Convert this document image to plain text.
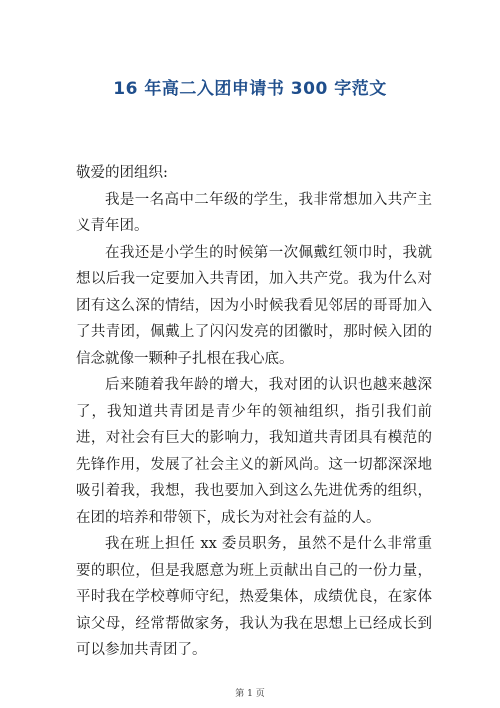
16 年高二入团申请书 300 字范文

敬爱的团组织:

我是一名高中二年级的学生，我非常想加入共产主义青年团。

在我还是小学生的时候第一次佩戴红领巾时，我就想以后我一定要加入共青团，加入共产党。我为什么对团有这么深的情结，因为小时候我看见邻居的哥哥加入了共青团，佩戴上了闪闪发亮的团徽时，那时候入团的信念就像一颗种子扎根在我心底。

后来随着我年龄的增大，我对团的认识也越来越深了，我知道共青团是青少年的领袖组织，指引我们前进，对社会有巨大的影响力，我知道共青团具有模范的先锋作用，发展了社会主义的新风尚。这一切都深深地吸引着我，我想，我也要加入到这么先进优秀的组织，在团的培养和带领下，成长为对社会有益的人。

我在班上担任 xx 委员职务，虽然不是什么非常重要的职位，但是我愿意为班上贡献出自己的一份力量，平时我在学校尊师守纪，热爱集体，成绩优良，在家体谅父母，经常帮做家务，我认为我在思想上已经成长到可以参加共青团了。

第 1 页
